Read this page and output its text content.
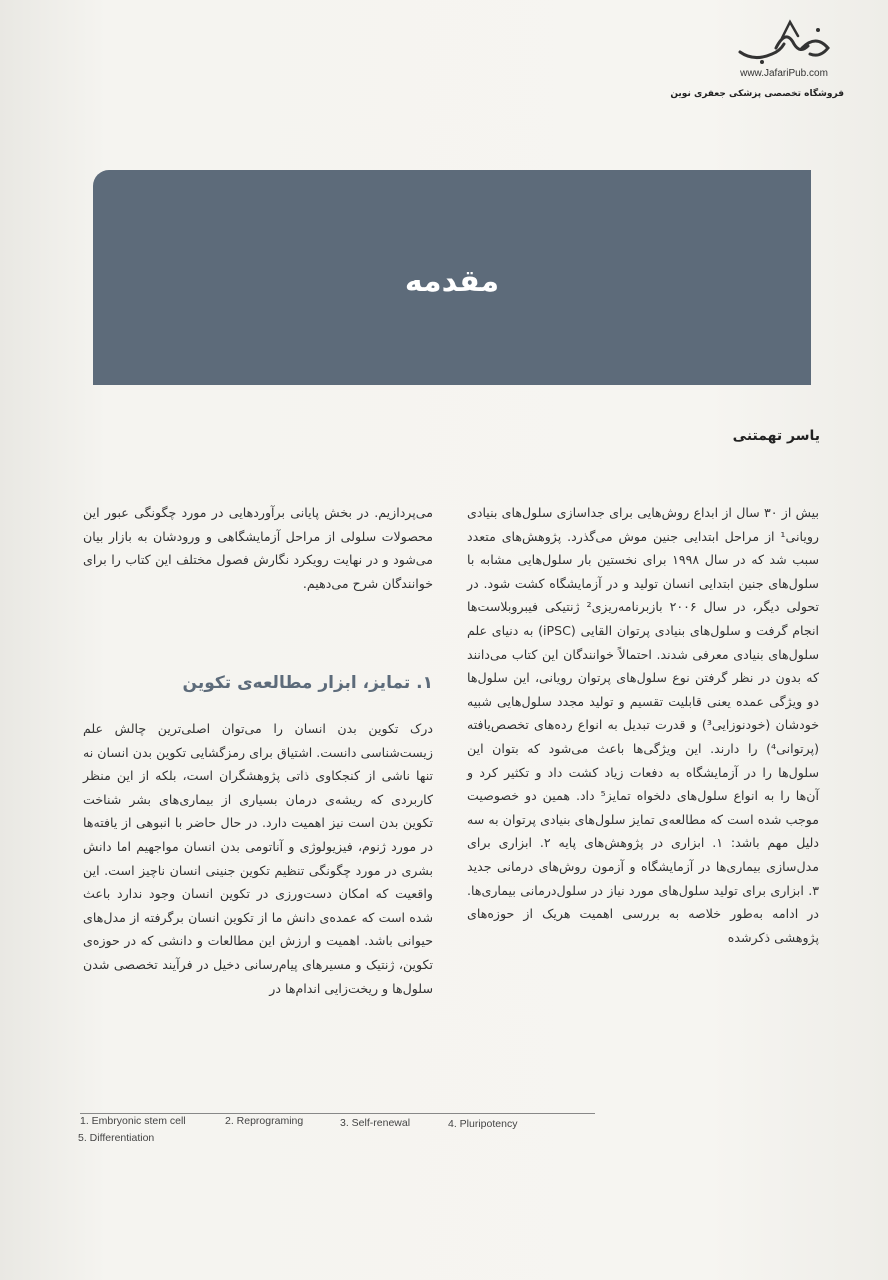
www.JafariPub.com
فروشگاه تخصصی پزشکی جعفری نوین
مقدمه
یاسر تهمتنی

بیش از ۳۰ سال از ابداع روش‌هایی برای جداسازی سلول‌های بنیادی رویانی¹ از مراحل ابتدایی جنین موش می‌گذرد. پژوهش‌های متعدد سبب شد که در سال ۱۹۹۸ برای نخستین بار سلول‌هایی مشابه با سلول‌های جنین ابتدایی انسان تولید و در آزمایشگاه کشت شود. در تحولی دیگر، در سال ۲۰۰۶ بازبرنامه‌ریزی² ژنتیکی فیبروبلاست‌ها انجام گرفت و سلول‌های بنیادی پرتوان القایی (iPSC) به دنیای علم سلول‌های بنیادی معرفی شدند. احتمالاً خوانندگان این کتاب می‌دانند که بدون در نظر گرفتن نوع سلول‌های پرتوان رویانی، این سلول‌ها دو ویژگی عمده یعنی قابلیت تقسیم و تولید مجدد سلول‌هایی شبیه خودشان (خودنوزایی³) و قدرت تبدیل به انواع رده‌های تخصص‌یافته (پرتوانی⁴) را دارند. این ویژگی‌ها باعث می‌شود که بتوان این سلول‌ها را در آزمایشگاه به دفعات زیاد کشت داد و تکثیر کرد و آن‌ها را به انواع سلول‌های دلخواه تمایز⁵ داد. همین دو خصوصیت موجب شده است که مطالعه‌ی تمایز سلول‌های بنیادی پرتوان به سه دلیل مهم باشد: ۱. ابزاری در پژوهش‌های پایه ۲. ابزاری برای مدل‌سازی بیماری‌ها در آزمایشگاه و آزمون روش‌های درمانی جدید ۳. ابزاری برای تولید سلول‌های مورد نیاز در سلول‌درمانی بیماری‌ها. در ادامه به‌طور خلاصه به بررسی اهمیت هریک از حوزه‌های پژوهشی ذکرشده

می‌پردازیم. در بخش پایانی برآوردهایی در مورد چگونگی عبور این محصولات سلولی از مراحل آزمایشگاهی و ورودشان به بازار بیان می‌شود و در نهایت رویکرد نگارش فصول مختلف این کتاب را برای خوانندگان شرح می‌دهیم.

۱. تمایز، ابزار مطالعه‌ی تکوین

درک تکوین بدن انسان را می‌توان اصلی‌ترین چالش علم زیست‌شناسی دانست. اشتیاق برای رمزگشایی تکوین بدن انسان نه تنها ناشی از کنجکاوی ذاتی پژوهشگران است، بلکه از این منظر کاربردی که ریشه‌ی درمان بسیاری از بیماری‌های بشر شناخت تکوین بدن است نیز اهمیت دارد. در حال حاضر با انبوهی از یافته‌ها در مورد ژنوم، فیزیولوژی و آناتومی بدن انسان مواجهیم اما دانش بشری در مورد چگونگی تنظیم تکوین جنینی انسان ناچیز است. این واقعیت که امکان دست‌ورزی در تکوین انسان وجود ندارد باعث شده است که عمده‌ی دانش ما از تکوین انسان برگرفته از مدل‌های حیوانی باشد. اهمیت و ارزش این مطالعات و دانشی که در حوزه‌ی تکوین، ژنتیک و مسیرهای پیام‌رسانی دخیل در فرآیند تخصصی شدن سلول‌ها و ریخت‌زایی اندام‌ها در

1. Embryonic stem cell	2. Reprograming	3. Self-renewal	4. Pluripotency
5. Differentiation
